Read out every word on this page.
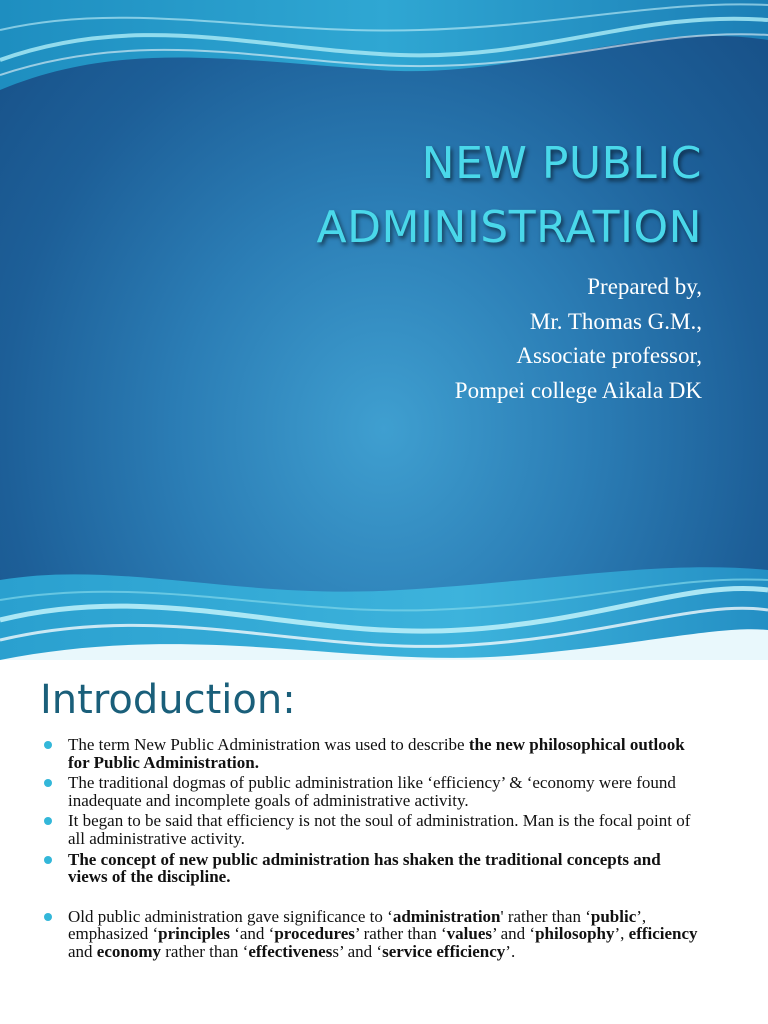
NEW PUBLIC
ADMINISTRATION
Prepared by,
Mr. Thomas G.M.,
Associate professor,
Pompei college Aikala DK
Introduction:
The term New Public Administration was used to describe the new philosophical outlook for Public Administration.
The traditional dogmas of public administration like ‘efficiency’ & ‘economy were found inadequate and incomplete goals of administrative activity.
It began to be said that efficiency is not the soul of administration. Man is the focal point of all administrative activity.
The concept of new public administration has shaken the traditional concepts and views of the discipline.
Old public administration gave significance to ‘administration' rather than ‘public’, emphasized ‘principles ‘and ‘procedures’ rather than ‘values’ and ‘philosophy’, efficiency and economy rather than ‘effectiveness’ and ‘service efficiency’.
